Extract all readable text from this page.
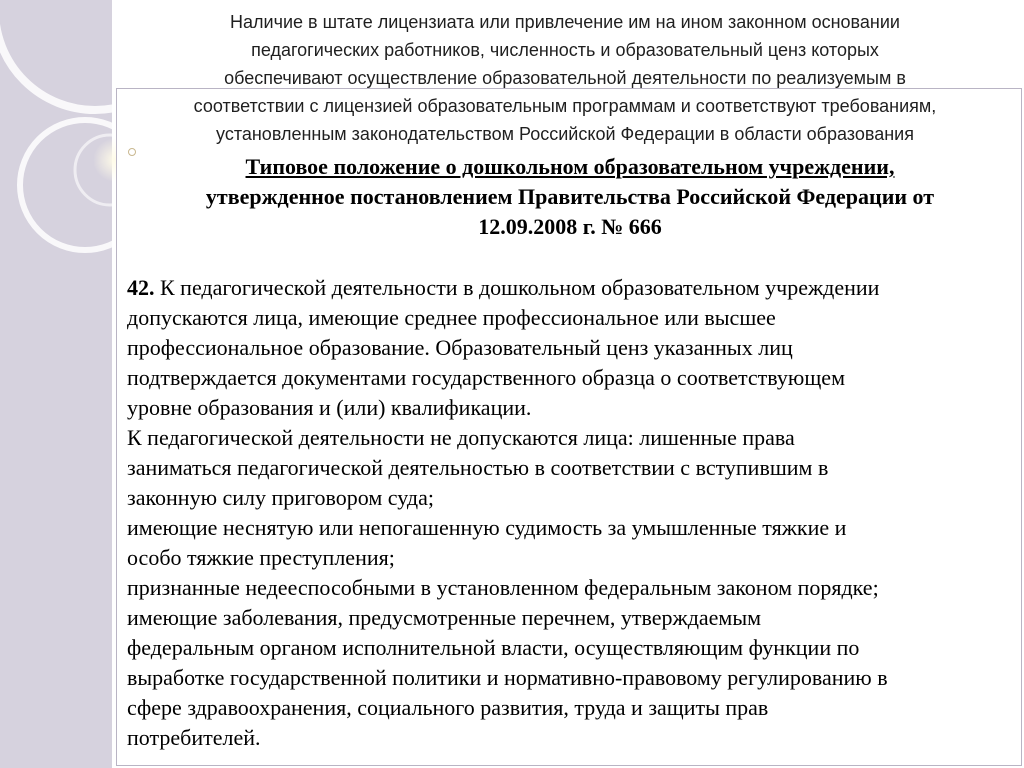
Наличие в штате лицензиата или привлечение им на ином законном основании
педагогических работников, численность и образовательный ценз которых
обеспечивают осуществление образовательной деятельности по реализуемым в
соответствии с лицензией образовательным программам и соответствуют требованиям,
установленным законодательством Российской Федерации в области образования
Типовое положение о дошкольном образовательном учреждении,
утвержденное постановлением Правительства Российской Федерации от
12.09.2008 г. № 666
42. К педагогической деятельности в дошкольном образовательном учреждении
допускаются лица, имеющие среднее профессиональное или высшее
профессиональное образование. Образовательный ценз указанных лиц
подтверждается документами государственного образца о соответствующем
уровне образования и (или) квалификации.
К педагогической деятельности не допускаются лица: лишенные права
заниматься педагогической деятельностью в соответствии с вступившим в
законную силу приговором суда;
имеющие неснятую или непогашенную судимость за умышленные тяжкие и
особо тяжкие преступления;
признанные недееспособными в установленном федеральным законом порядке;
имеющие заболевания, предусмотренные перечнем, утверждаемым
федеральным органом исполнительной власти, осуществляющим функции по
выработке государственной политики и нормативно-правовому регулированию в
сфере здравоохранения, социального развития, труда и защиты прав
потребителей.
